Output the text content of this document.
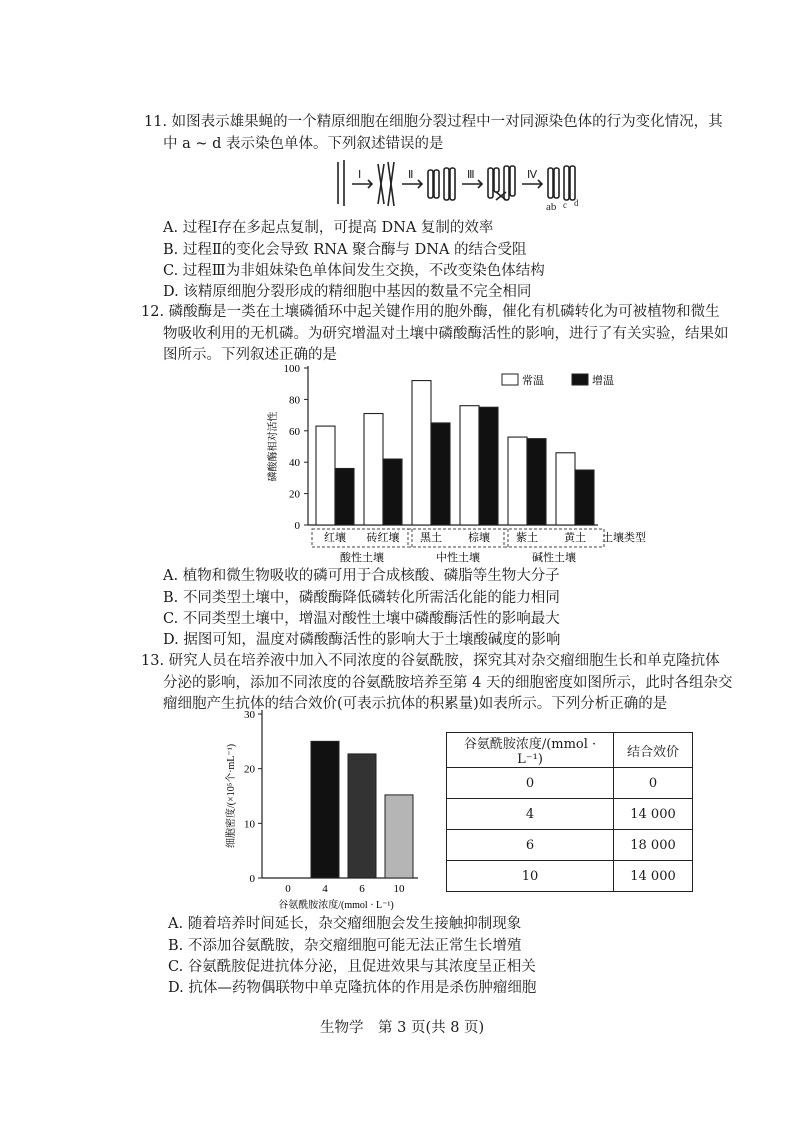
11. 如图表示雄果蝇的一个精原细胞在细胞分裂过程中一对同源染色体的行为变化情况，其
中 a ~ d 表示染色单体。下列叙述错误的是
Ⅰ	Ⅱ	Ⅲ	Ⅳ
ab c d
A. 过程Ⅰ存在多起点复制，可提高 DNA 复制的效率
B. 过程Ⅱ的变化会导致 RNA 聚合酶与 DNA 的结合受阻
C. 过程Ⅲ为非姐妹染色单体间发生交换，不改变染色体结构
D. 该精原细胞分裂形成的精细胞中基因的数量不完全相同
12. 磷酸酶是一类在土壤磷循环中起关键作用的胞外酶，催化有机磷转化为可被植物和微生
物吸收利用的无机磷。为研究增温对土壤中磷酸酶活性的影响，进行了有关实验，结果如
图所示。下列叙述正确的是
0
20
40
60
80
100
磷酸酶相对活性
红壤 砖红壤 黑土 棕壤 紫土 黄土
酸性土壤	中性土壤	碱性土壤
土壤类型
常温	增温
A. 植物和微生物吸收的磷可用于合成核酸、磷脂等生物大分子
B. 不同类型土壤中，磷酸酶降低磷转化所需活化能的能力相同
C. 不同类型土壤中，增温对酸性土壤中磷酸酶活性的影响最大
D. 据图可知，温度对磷酸酶活性的影响大于土壤酸碱度的影响
13. 研究人员在培养液中加入不同浓度的谷氨酰胺，探究其对杂交瘤细胞生长和单克隆抗体
分泌的影响，添加不同浓度的谷氨酰胺培养至第 4 天的细胞密度如图所示，此时各组杂交
瘤细胞产生抗体的结合效价(可表示抗体的积累量)如表所示。下列分析正确的是
0
10
20
30
细胞密度/(×10⁵个·mL⁻¹)
0	4	6	10
谷氨酰胺浓度/(mmol · L⁻¹)
谷氨酰胺浓度/(mmol · L⁻¹)	结合效价
0	0
4	14 000
6	18 000
10	14 000
A. 随着培养时间延长，杂交瘤细胞会发生接触抑制现象
B. 不添加谷氨酰胺，杂交瘤细胞可能无法正常生长增殖
C. 谷氨酰胺促进抗体分泌，且促进效果与其浓度呈正相关
D. 抗体—药物偶联物中单克隆抗体的作用是杀伤肿瘤细胞
生物学　第 3 页(共 8 页)
